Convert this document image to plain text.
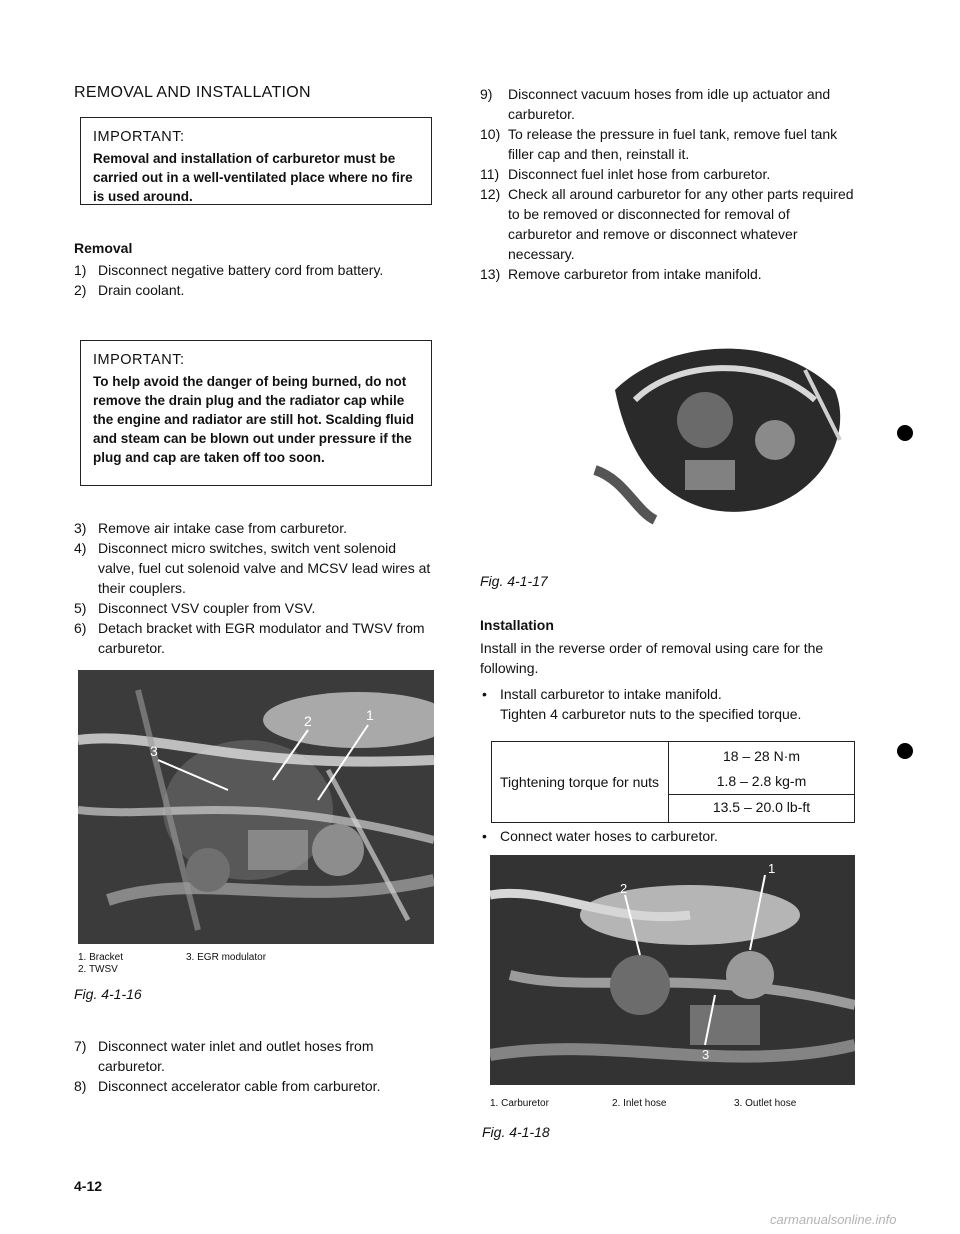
REMOVAL AND INSTALLATION
IMPORTANT:
Removal and installation of carburetor must be carried out in a well-ventilated place where no fire is used around.
Removal
1) Disconnect negative battery cord from battery.
2) Drain coolant.
IMPORTANT:
To help avoid the danger of being burned, do not remove the drain plug and the radiator cap while the engine and radiator are still hot. Scalding fluid and steam can be blown out under pressure if the plug and cap are taken off too soon.
3) Remove air intake case from carburetor.
4) Disconnect micro switches, switch vent solenoid valve, fuel cut solenoid valve and MCSV lead wires at their couplers.
5) Disconnect VSV coupler from VSV.
6) Detach bracket with EGR modulator and TWSV from carburetor.
3
2	1
1. Bracket	3. EGR modulator
2. TWSV
Fig. 4-1-16
7) Disconnect water inlet and outlet hoses from carburetor.
8) Disconnect accelerator cable from carburetor.
4-12
9) Disconnect vacuum hoses from idle up actuator and carburetor.
10) To release the pressure in fuel tank, remove fuel tank filler cap and then, reinstall it.
11) Disconnect fuel inlet hose from carburetor.
12) Check all around carburetor for any other parts required to be removed or disconnected for removal of carburetor and remove or disconnect whatever necessary.
13) Remove carburetor from intake manifold.
Fig. 4-1-17
Installation
Install in the reverse order of removal using care for the following.
• Install carburetor to intake manifold.
Tighten 4 carburetor nuts to the specified torque.
Tightening torque for nuts	
18 – 28 N·m
1.8 – 2.8 kg-m
13.5 – 20.0 lb-ft
• Connect water hoses to carburetor.
2
3
1
1. Carburetor	2. Inlet hose	3. Outlet hose
Fig. 4-1-18
carmanualsonline.info
